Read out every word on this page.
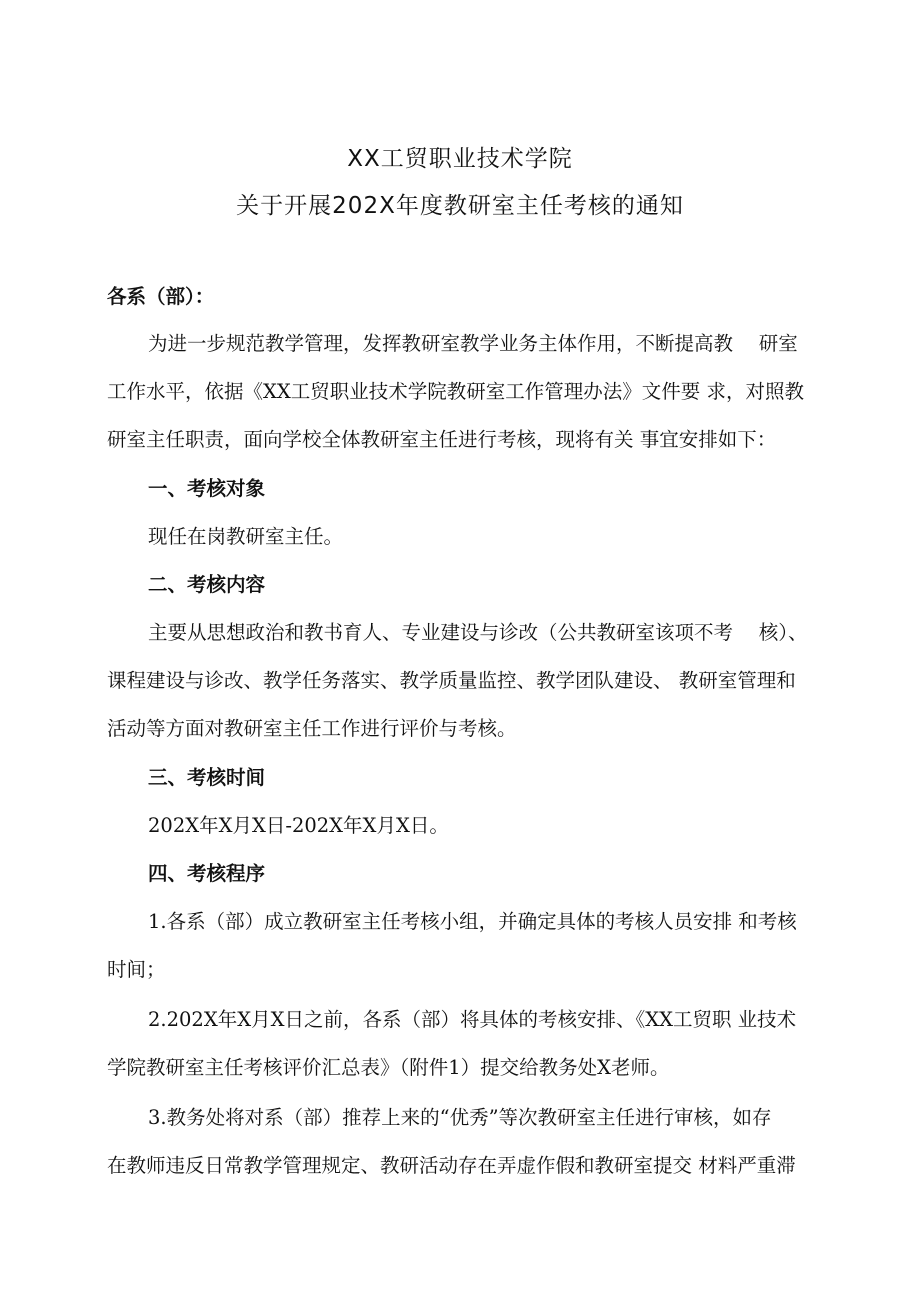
XX工贸职业技术学院
关于开展202X年度教研室主任考核的通知
各系（部）：
为进一步规范教学管理，发挥教研室教学业务主体作用，不断提高教　 研室
工作水平，依据《XX工贸职业技术学院教研室工作管理办法》文件要 求，对照教
研室主任职责，面向学校全体教研室主任进行考核，现将有关 事宜安排如下：
一、考核对象
现任在岗教研室主任。
二、考核内容
主要从思想政治和教书育人、专业建设与诊改（公共教研室该项不考　 核）、
课程建设与诊改、教学任务落实、教学质量监控、教学团队建设、 教研室管理和
活动等方面对教研室主任工作进行评价与考核。
三、考核时间
202X年X月X日-202X年X月X日。
四、考核程序
1.各系（部）成立教研室主任考核小组，并确定具体的考核人员安排 和考核
时间；
2.202X年X月X日之前，各系（部）将具体的考核安排、《XX工贸职 业技术
学院教研室主任考核评价汇总表》（附件1）提交给教务处X老师。
3.教务处将对系（部）推荐上来的“优秀”等次教研室主任进行审核，如存
在教师违反日常教学管理规定、教研活动存在弄虚作假和教研室提交 材料严重滞
